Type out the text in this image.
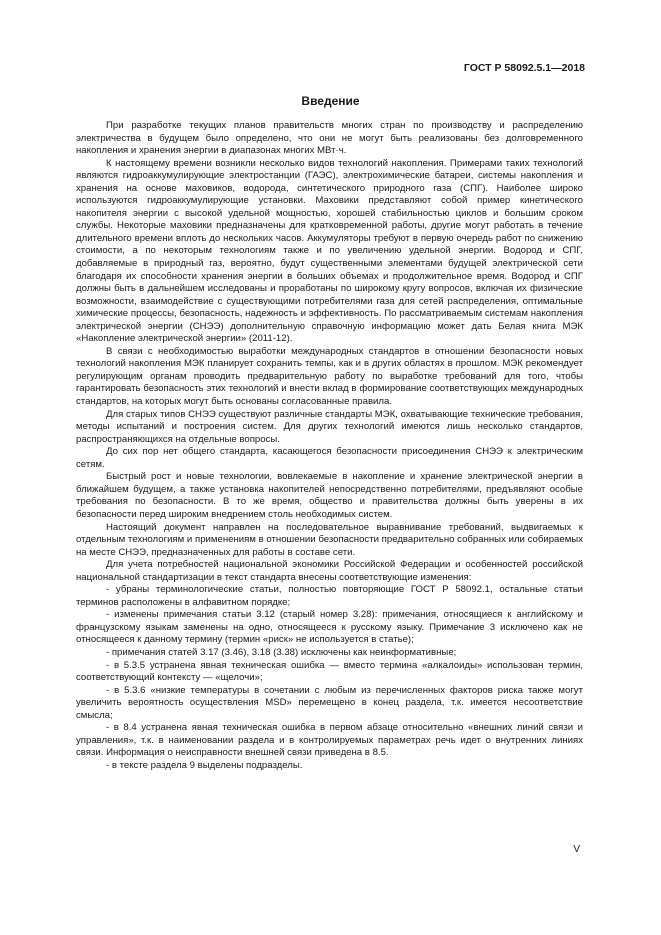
ГОСТ Р 58092.5.1—2018
Введение

При разработке текущих планов правительств многих стран по производству и распределению электричества в будущем было определено, что они не могут быть реализованы без долговременного накопления и хранения энергии в диапазонах многих МВт·ч.

К настоящему времени возникли несколько видов технологий накопления. Примерами таких технологий являются гидроаккумулирующие электростанции (ГАЭС), электрохимические батареи, системы накопления и хранения на основе маховиков, водорода, синтетического природного газа (СПГ). Наиболее широко используются гидроаккумулирующие установки. Маховики представляют собой пример кинетического накопителя энергии с высокой удельной мощностью, хорошей стабильностью циклов и большим сроком службы. Некоторые маховики предназначены для кратковременной работы, другие могут работать в течение длительного времени вплоть до нескольких часов. Аккумуляторы требуют в первую очередь работ по снижению стоимости, а по некоторым технологиям также и по увеличению удельной энергии. Водород и СПГ, добавляемые в природный газ, вероятно, будут существенными элементами будущей электрической сети благодаря их способности хранения энергии в больших объемах и продолжительное время. Водород и СПГ должны быть в дальнейшем исследованы и проработаны по широкому кругу вопросов, включая их физические возможности, взаимодействие с существующими потребителями газа для сетей распределения, оптимальные химические процессы, безопасность, надежность и эффективность. По рассматриваемым системам накопления электрической энергии (СНЭЭ) дополнительную справочную информацию может дать Белая книга МЭК «Накопление электрической энергии» (2011-12).

В связи с необходимостью выработки международных стандартов в отношении безопасности новых технологий накопления МЭК планирует сохранить темпы, как и в других областях в прошлом. МЭК рекомендует регулирующим органам проводить предварительную работу по выработке требований для того, чтобы гарантировать безопасность этих технологий и внести вклад в формирование соответствующих международных стандартов, на которых могут быть основаны согласованные правила.

Для старых типов СНЭЭ существуют различные стандарты МЭК, охватывающие технические требования, методы испытаний и построения систем. Для других технологий имеются лишь несколько стандартов, распространяющихся на отдельные вопросы.

До сих пор нет общего стандарта, касающегося безопасности присоединения СНЭЭ к электрическим сетям.

Быстрый рост и новые технологии, вовлекаемые в накопление и хранение электрической энергии в ближайшем будущем, а также установка накопителей непосредственно потребителями, предъявляют особые требования по безопасности. В то же время, общество и правительства должны быть уверены в их безопасности перед широким внедрением столь необходимых систем.

Настоящий документ направлен на последовательное выравнивание требований, выдвигаемых к отдельным технологиям и применениям в отношении безопасности предварительно собранных или собираемых на месте СНЭЭ, предназначенных для работы в составе сети.

Для учета потребностей национальной экономики Российской Федерации и особенностей российской национальной стандартизации в текст стандарта внесены соответствующие изменения:

- убраны терминологические статьи, полностью повторяющие ГОСТ Р 58092.1, остальные статьи терминов расположены в алфавитном порядке;

- изменены примечания статьи 3.12 (старый номер 3.28): примечания, относящиеся к английскому и французскому языкам заменены на одно, относящееся к русскому языку. Примечание 3 исключено как не относящееся к данному термину (термин «риск» не используется в статье);

- примечания статей 3.17 (3.46), 3.18 (3.38) исключены как неинформативные;

- в 5.3.5 устранена явная техническая ошибка — вместо термина «алкалоиды» использован термин, соответствующий контексту — «щелочи»;

- в 5.3.6 «низкие температуры в сочетании с любым из перечисленных факторов риска также могут увеличить вероятность осуществления MSD» перемещено в конец раздела, т.к. имеется несоответствие смысла;

- в 8.4 устранена явная техническая ошибка в первом абзаце относительно «внешних линий связи и управления», т.к. в наименовании раздела и в контролируемых параметрах речь идет о внутренних линиях связи. Информация о неисправности внешней связи приведена в 8.5.

- в тексте раздела 9 выделены подразделы.

V
